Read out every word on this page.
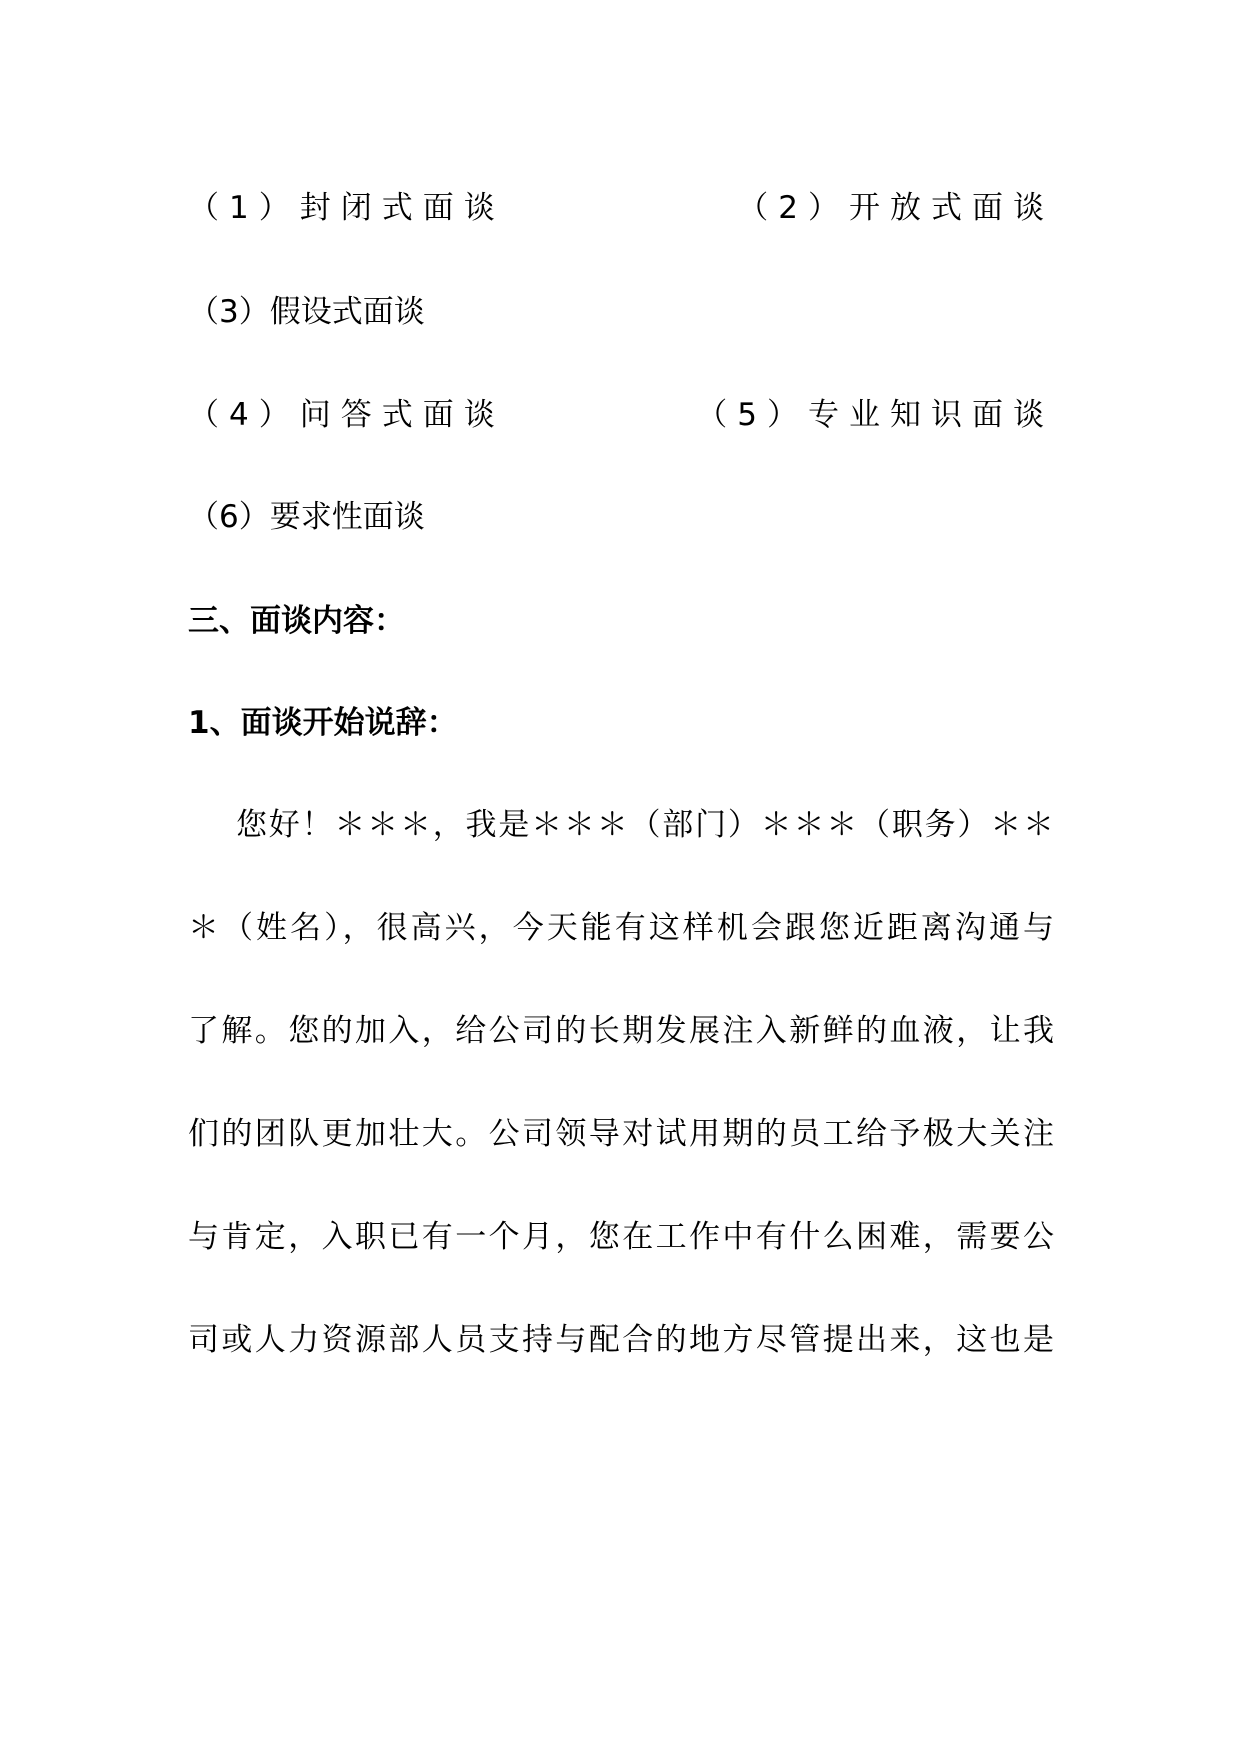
（1）封闭式面谈	（2）开放式面谈
（3）假设式面谈
（4）问答式面谈	（5）专业知识面谈
（6）要求性面谈
三、面谈内容：
1、面谈开始说辞：
您好！＊＊＊，我是＊＊＊（部门）＊＊＊（职务）＊＊
＊（姓名），很高兴，今天能有这样机会跟您近距离沟通与
了解。您的加入，给公司的长期发展注入新鲜的血液，让我
们的团队更加壮大。公司领导对试用期的员工给予极大关注
与肯定，入职已有一个月，您在工作中有什么困难，需要公
司或人力资源部人员支持与配合的地方尽管提出来，这也是
